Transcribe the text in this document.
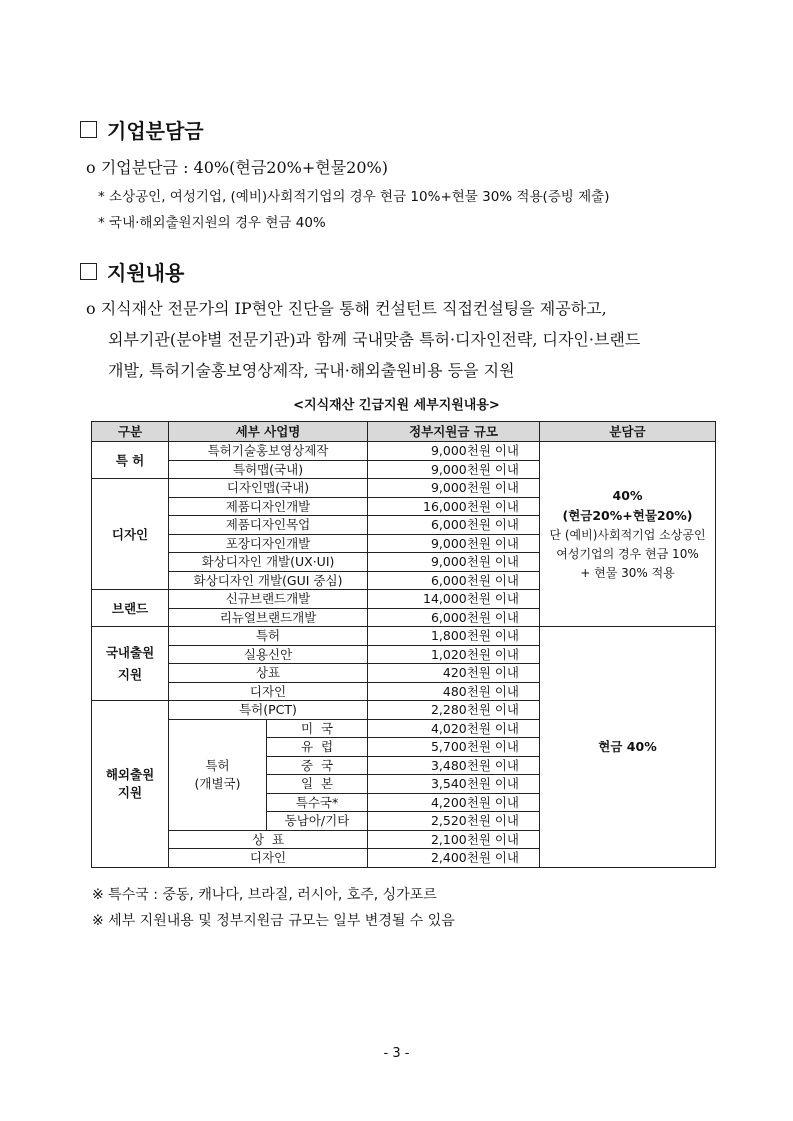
기업분담금
o 기업분단금 : 40%(현금20%+현물20%)
* 소상공인, 여성기업, (예비)사회적기업의 경우 현금 10%+현물 30% 적용(증빙 제출)
* 국내·해외출원지원의 경우 현금 40%
지원내용
o 지식재산 전문가의 IP현안 진단을 통해 컨설턴트 직접컨설팅을 제공하고,
외부기관(분야별 전문기관)과 함께 국내맞춤 특허·디자인전략, 디자인·브랜드
개발, 특허기술홍보영상제작, 국내·해외출원비용 등을 지원
<지식재산 긴급지원 세부지원내용>
구분	세부 사업명		정부지원금 규모	분담금
특 허	특허기술홍보영상제작		9,000천원 이내	40%
(현금20%+현물20%)
단 (예비)사회적기업 소상공인
여성기업의 경우 현금 10%
+ 현물 30% 적용
	특허맵(국내)		9,000천원 이내	
디자인	디자인맵(국내)		9,000천원 이내	
	제품디자인개발		16,000천원 이내	
	제품디자인목업		6,000천원 이내	
	포장디자인개발		9,000천원 이내	
	화상디자인 개발(UX·UI)		9,000천원 이내	
	화상디자인 개발(GUI 중심)		6,000천원 이내	
브랜드	신규브랜드개발		14,000천원 이내	
	리뉴얼브랜드개발		6,000천원 이내	
국내출원
지원	특허		1,800천원 이내	현금 40%
	실용신안		1,020천원 이내	
	상표		420천원 이내	
	디자인		480천원 이내	
해외출원
지원	특허(PCT)		2,280천원 이내	
	특허
(개별국)	미  국	4,020천원 이내	
		유  럽	5,700천원 이내	
		중  국	3,480천원 이내	
		일  본	3,540천원 이내	
		특수국*	4,200천원 이내	
		동남아/기타	2,520천원 이내	
	상  표		2,100천원 이내	
	디자인		2,400천원 이내	
※ 특수국 : 중동, 캐나다, 브라질, 러시아, 호주, 싱가포르
※ 세부 지원내용 및 정부지원금 규모는 일부 변경될 수 있음
- 3 -
